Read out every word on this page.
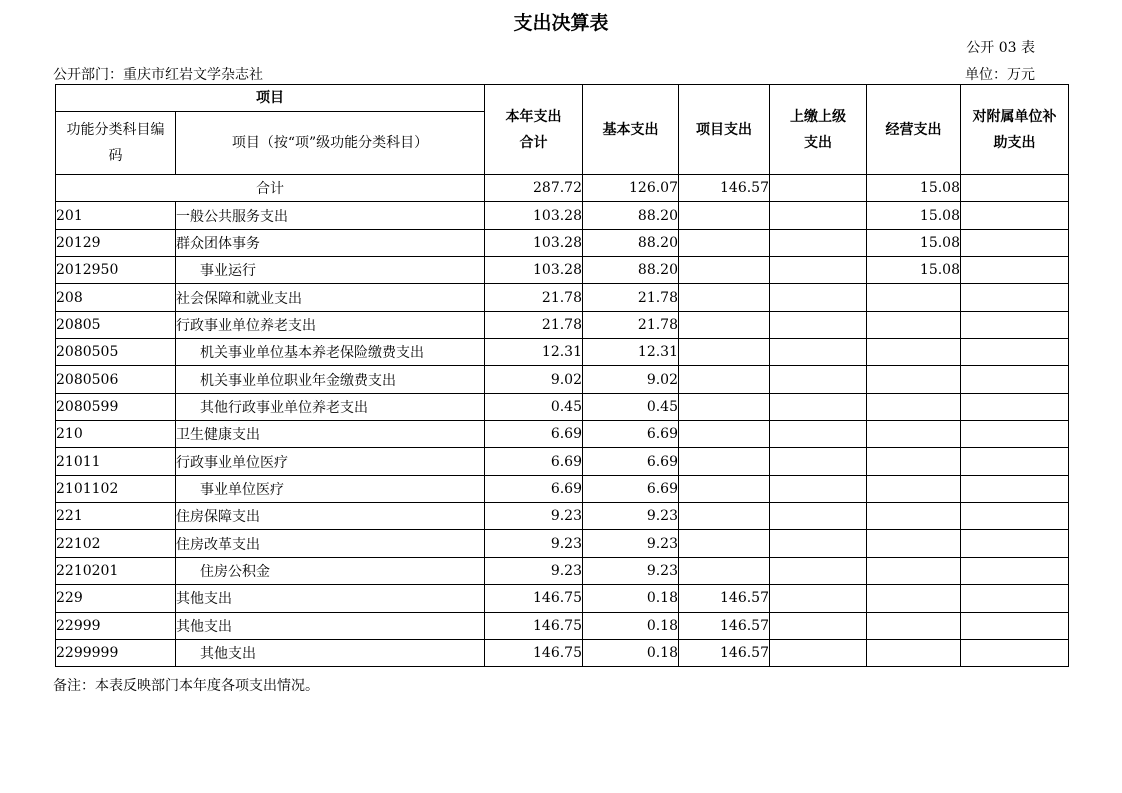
支出决算表
公开 03 表
公开部门：重庆市红岩文学杂志社	单位：万元
项目		本年支出合计	基本支出	项目支出	上缴上级支出	经营支出	对附属单位补助支出
功能分类科目编码	项目（按“项”级功能分类科目）						
合计		287.72	126.07	146.57		15.08	
201	一般公共服务支出	103.28	88.20			15.08	
20129	群众团体事务	103.28	88.20			15.08	
2012950	事业运行	103.28	88.20			15.08	
208	社会保障和就业支出	21.78	21.78				
20805	行政事业单位养老支出	21.78	21.78				
2080505	机关事业单位基本养老保险缴费支出	12.31	12.31				
2080506	机关事业单位职业年金缴费支出	9.02	9.02				
2080599	其他行政事业单位养老支出	0.45	0.45				
210	卫生健康支出	6.69	6.69				
21011	行政事业单位医疗	6.69	6.69				
2101102	事业单位医疗	6.69	6.69				
221	住房保障支出	9.23	9.23				
22102	住房改革支出	9.23	9.23				
2210201	住房公积金	9.23	9.23				
229	其他支出	146.75	0.18	146.57			
22999	其他支出	146.75	0.18	146.57			
2299999	其他支出	146.75	0.18	146.57			
备注：本表反映部门本年度各项支出情况。
